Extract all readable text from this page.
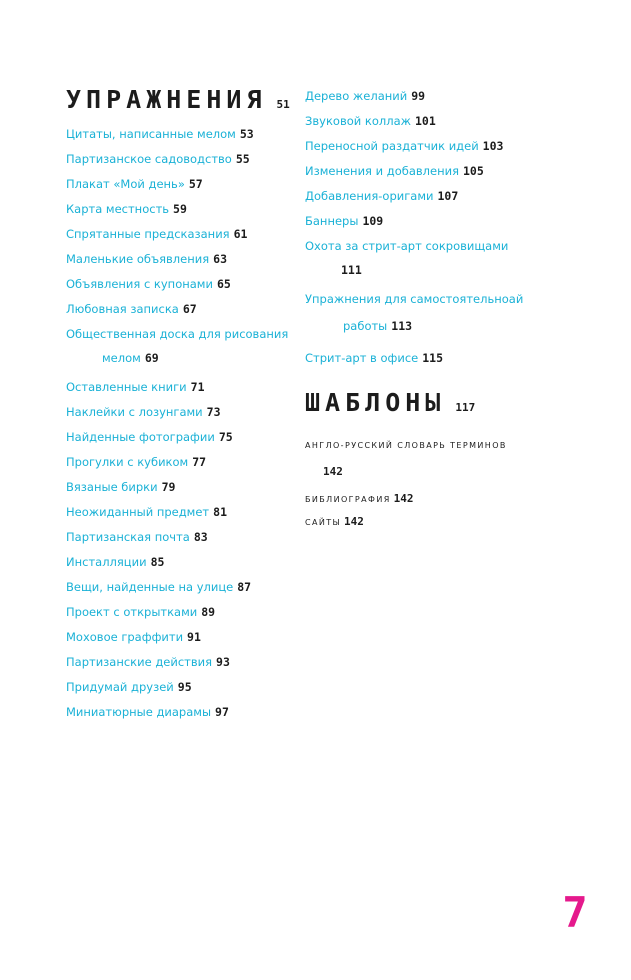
УПРАЖНЕНИЯ 51
Цитаты, написанные мелом 53
Партизанское садоводство 55
Плакат «Мой день» 57
Карта местность 59
Спрятанные предсказания 61
Маленькие объявления 63
Объявления с купонами 65
Любовная записка 67
Общественная доска для рисования
мелом 69
Оставленные книги 71
Наклейки с лозунгами 73
Найденные фотографии 75
Прогулки с кубиком 77
Вязаные бирки 79
Неожиданный предмет 81
Партизанская почта 83
Инсталляции 85
Вещи, найденные на улице 87
Проект с открытками 89
Моховое граффити 91
Партизанские действия 93
Придумай друзей 95
Миниатюрные диарамы 97
Дерево желаний 99
Звуковой коллаж 101
Переносной раздатчик идей 103
Изменения и добавления 105
Добавления-оригами 107
Баннеры 109
Охота за стрит-арт сокровищами
111
Упражнения для самостоятельноай
работы 113
Стрит-арт в офисе 115
ШАБЛОНЫ 117
АНГЛО-РУССКИЙ СЛОВАРЬ ТЕРМИНОВ
142
БИБЛИОГРАФИЯ 142
САЙТЫ 142
7
